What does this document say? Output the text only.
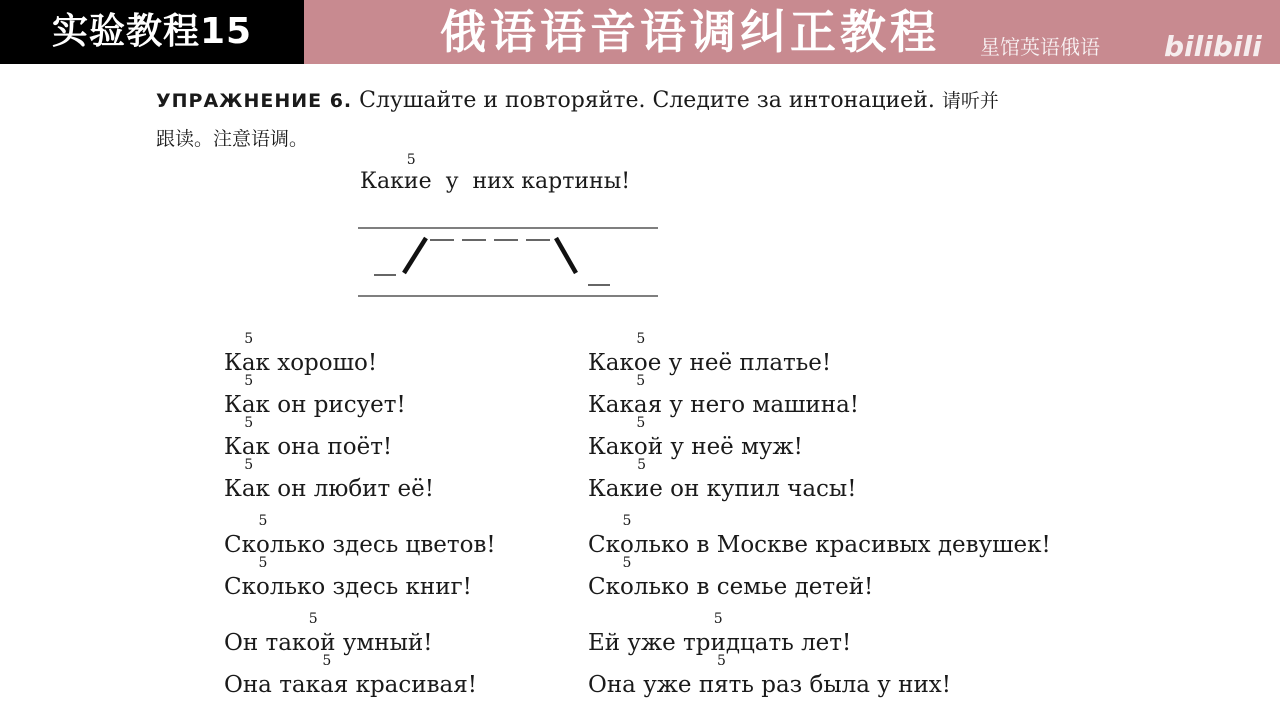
实验教程15	俄语语音语调纠正教程	星馆英语俄语 bilibili
УПРАЖНЕНИЕ 6. Слушайте и повторяйте. Следите за интонацией. 请听并
跟读。注意语调。
Каки 5е  у  них картины!
Ка 5к хорошо!
Ка 5к он рисует!
Ка 5к она поёт!
Ка 5к он любит её!
Ско 5лько здесь цветов!
Ско 5лько здесь книг!
Он тако 5й умный!
Она така 5я красивая!
Како 5е у неё платье!
Кака 5я у него машина!
Како 5й у неё муж!
Каки 5е он купил часы!
Ско 5лько в Москве красивых девушек!
Ско 5лько в семье детей!
Ей уже три 5дцать лет!
Она уже пя 5ть раз была у них!
